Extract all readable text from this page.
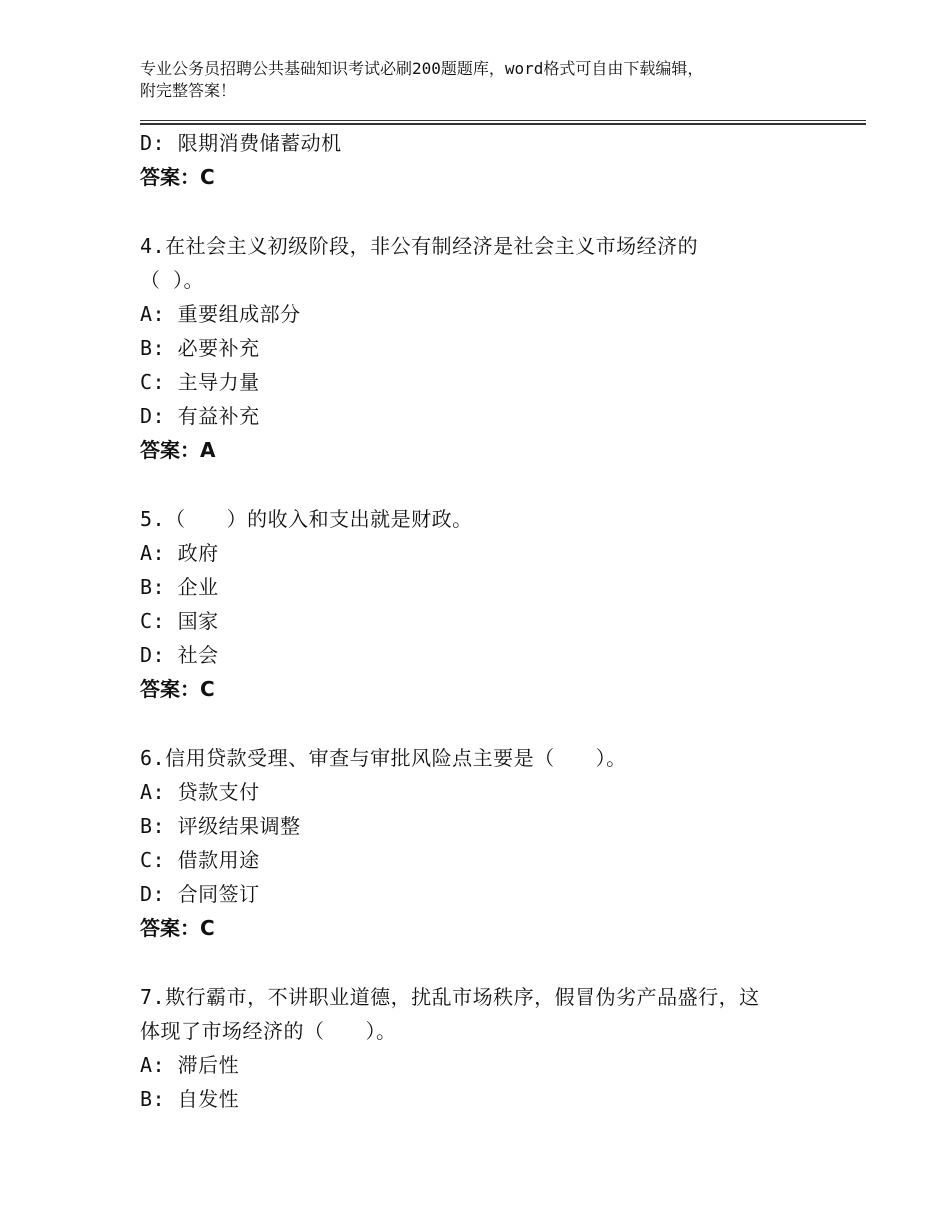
专业公务员招聘公共基础知识考试必刷200题题库，word格式可自由下载编辑，
附完整答案！
D: 限期消费储蓄动机
答案：C
4.在社会主义初级阶段，非公有制经济是社会主义市场经济的
（ ）。
A: 重要组成部分
B: 必要补充
C: 主导力量
D: 有益补充
答案：A
5.（　　）的收入和支出就是财政。
A: 政府
B: 企业
C: 国家
D: 社会
答案：C
6.信用贷款受理、审查与审批风险点主要是（　　）。
A: 贷款支付
B: 评级结果调整
C: 借款用途
D: 合同签订
答案：C
7.欺行霸市，不讲职业道德，扰乱市场秩序，假冒伪劣产品盛行，这
体现了市场经济的（　　）。
A: 滞后性
B: 自发性
